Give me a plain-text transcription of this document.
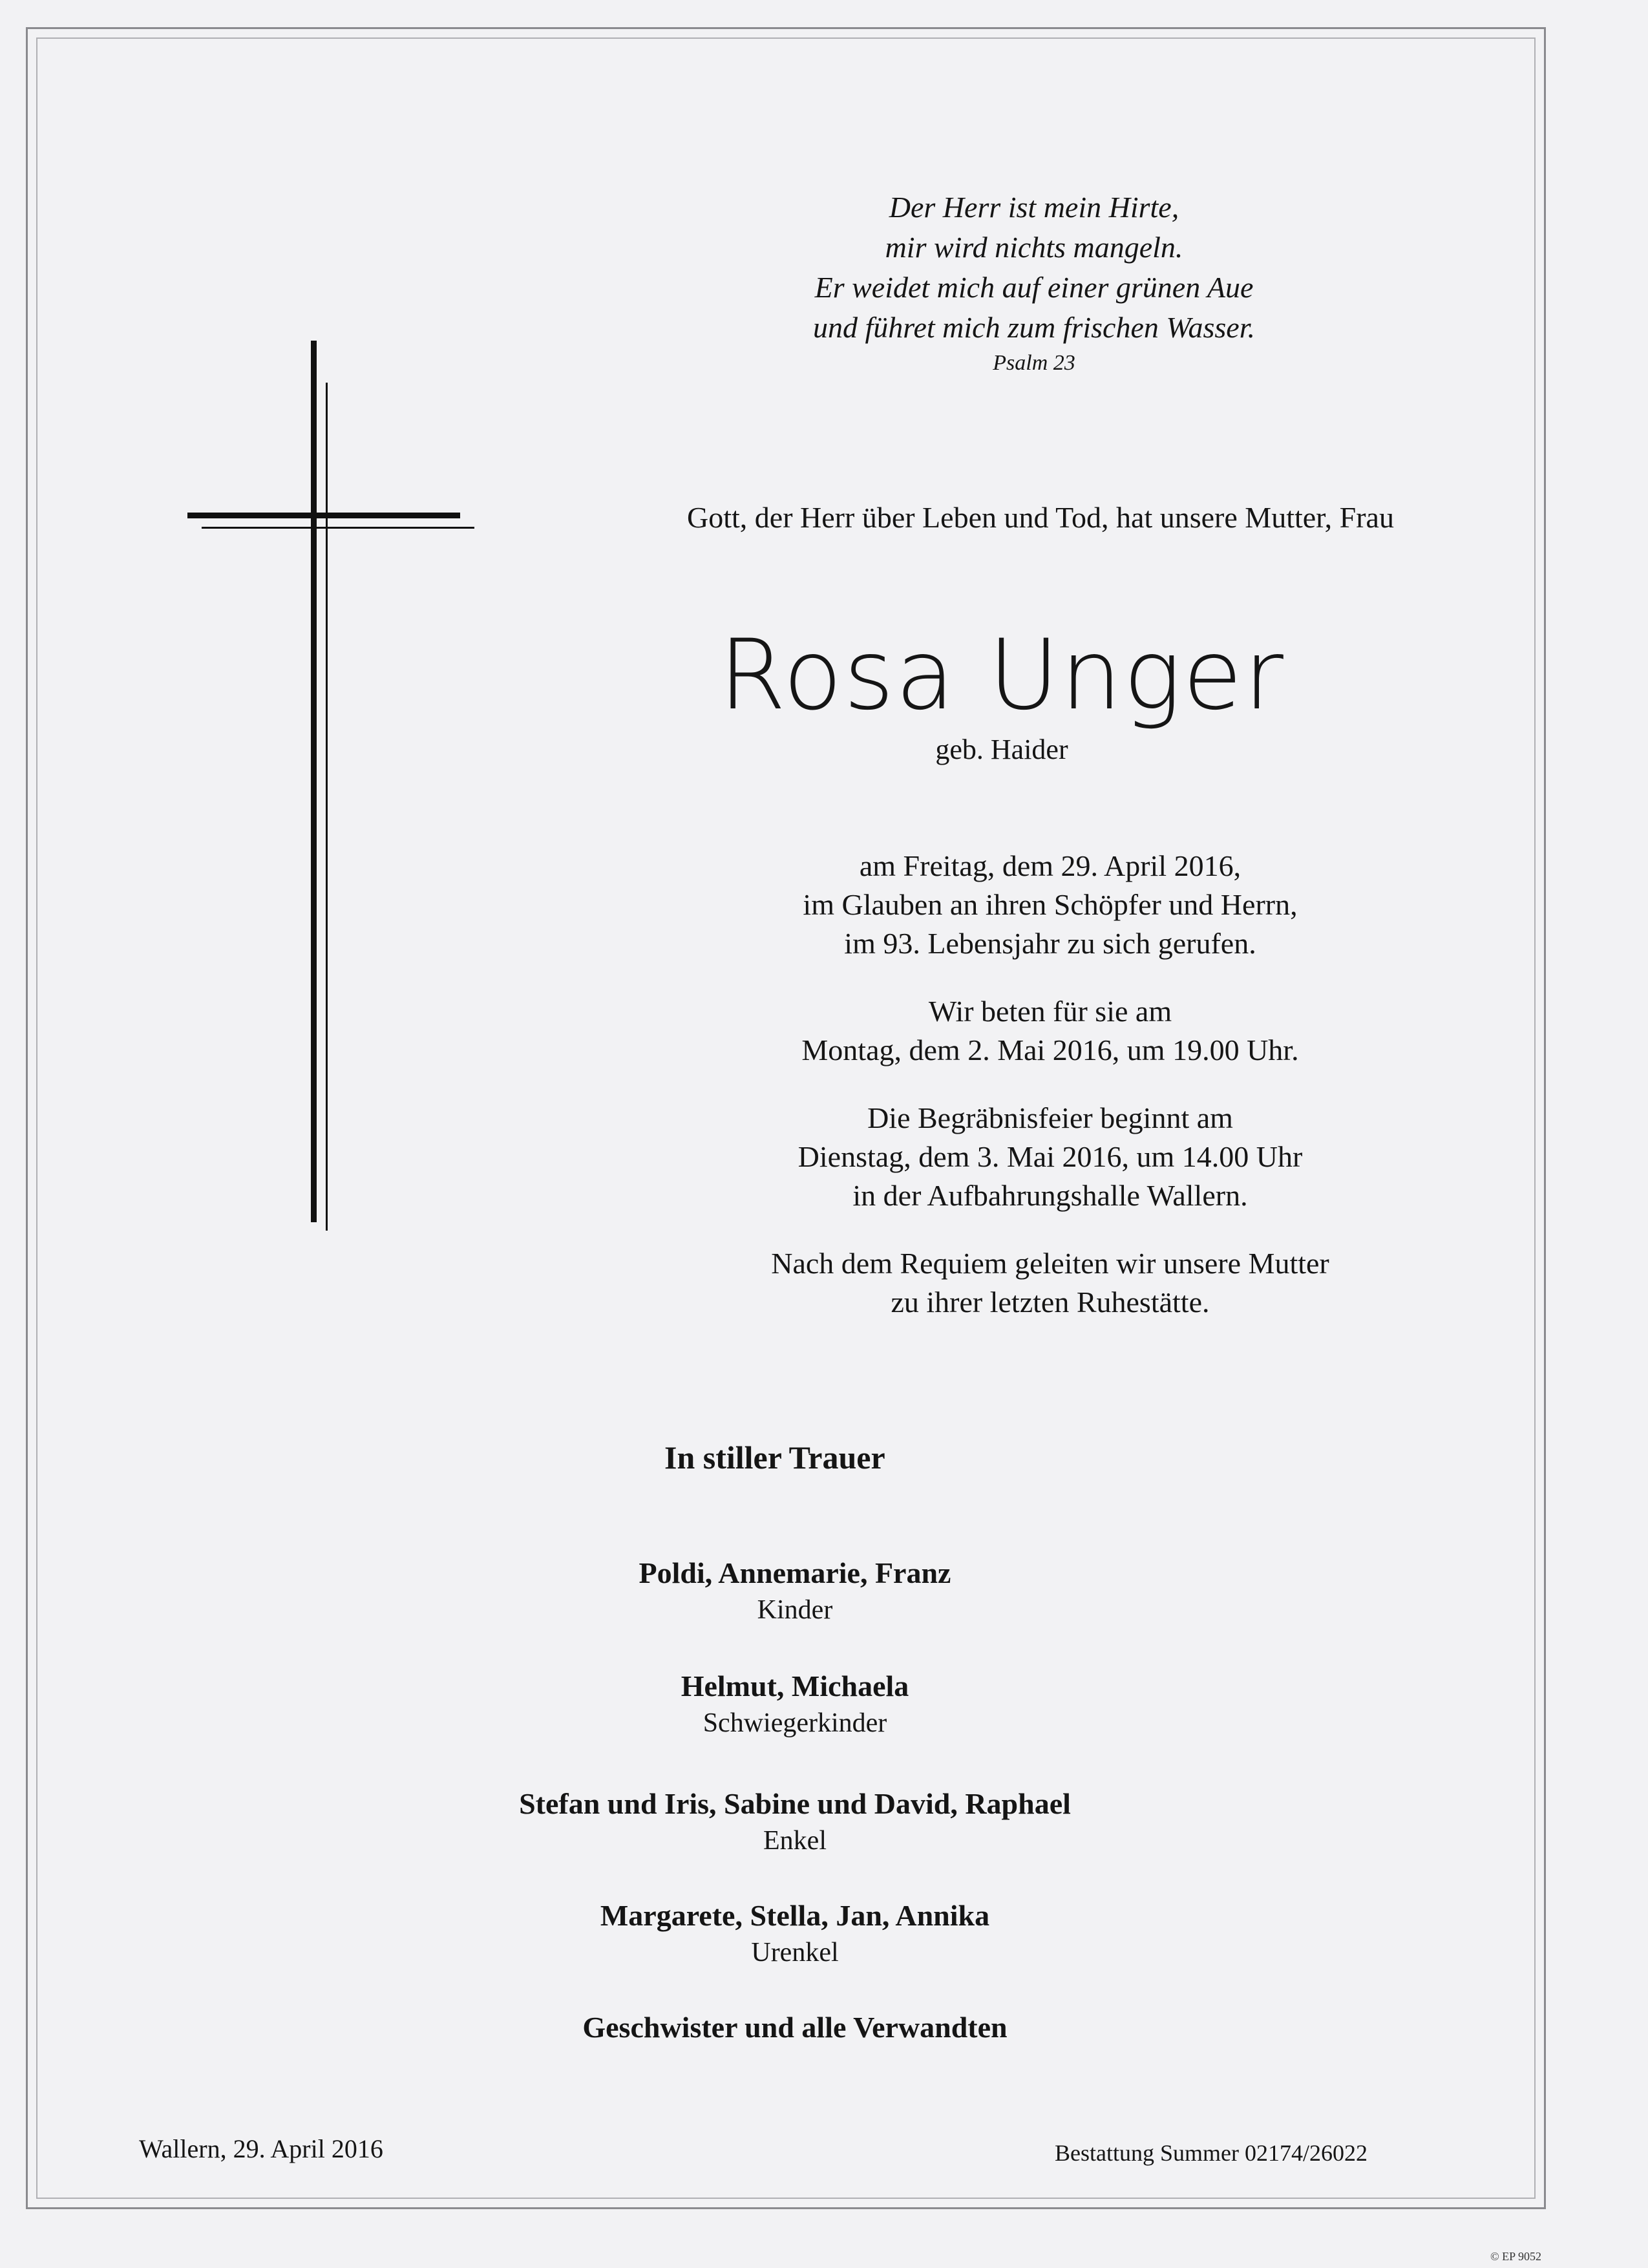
Der Herr ist mein Hirte,
mir wird nichts mangeln.
Er weidet mich auf einer grünen Aue
und führet mich zum frischen Wasser.
Psalm 23
Gott, der Herr über Leben und Tod, hat unsere Mutter, Frau
Rosa Unger
geb. Haider
am Freitag, dem 29. April 2016,
im Glauben an ihren Schöpfer und Herrn,
im 93. Lebensjahr zu sich gerufen.
Wir beten für sie am
Montag, dem 2. Mai 2016, um 19.00 Uhr.
Die Begräbnisfeier beginnt am
Dienstag, dem 3. Mai 2016, um 14.00 Uhr
in der Aufbahrungshalle Wallern.
Nach dem Requiem geleiten wir unsere Mutter
zu ihrer letzten Ruhestätte.
In stiller Trauer
Poldi, Annemarie, Franz
Kinder
Helmut, Michaela
Schwiegerkinder
Stefan und Iris, Sabine und David, Raphael
Enkel
Margarete, Stella, Jan, Annika
Urenkel
Geschwister und alle Verwandten
Wallern, 29. April 2016	Bestattung Summer 02174/26022
© EP 9052
